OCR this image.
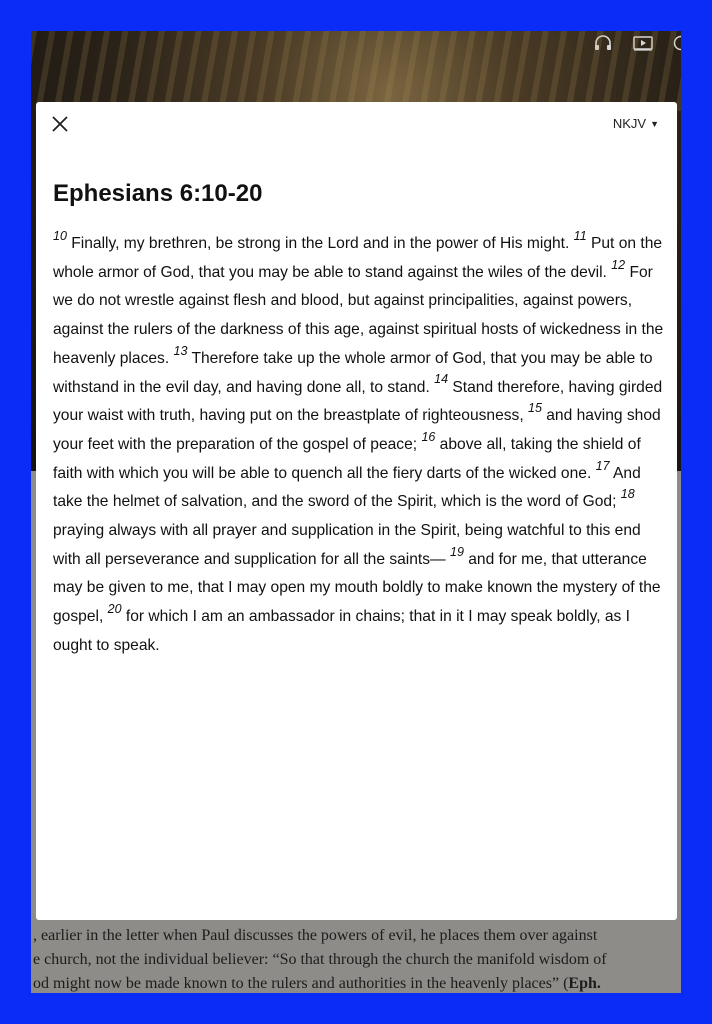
, earlier in the letter when Paul discusses the powers of evil, he places them over against

e church, not the individual believer: “So that through the church the manifold wisdom of

od might now be made known to the rulers and authorities in the heavenly places” (Eph.

NKJV ▼
Ephesians 6:10-20
$^{10}$ Finally, my brethren, be strong in the Lord and in the power of His might. $^{11}$ Put on the whole armor of God, that you may be able to stand against the wiles of the devil. $^{12}$ For we do not wrestle against flesh and blood, but against principalities, against powers, against the rulers of the darkness of this age, against spiritual hosts of wickedness in the heavenly places. $^{13}$ Therefore take up the whole armor of God, that you may be able to withstand in the evil day, and having done all, to stand. $^{14}$ Stand therefore, having girded your waist with truth, having put on the breastplate of righteousness, $^{15}$ and having shod your feet with the preparation of the gospel of peace; $^{16}$ above all, taking the shield of faith with which you will be able to quench all the fiery darts of the wicked one. $^{17}$ And take the helmet of salvation, and the sword of the Spirit, which is the word of God; $^{18}$ praying always with all prayer and supplication in the Spirit, being watchful to this end with all perseverance and supplication for all the saints— $^{19}$ and for me, that utterance may be given to me, that I may open my mouth boldly to make known the mystery of the gospel, $^{20}$ for which I am an ambassador in chains; that in it I may speak boldly, as I ought to speak.
